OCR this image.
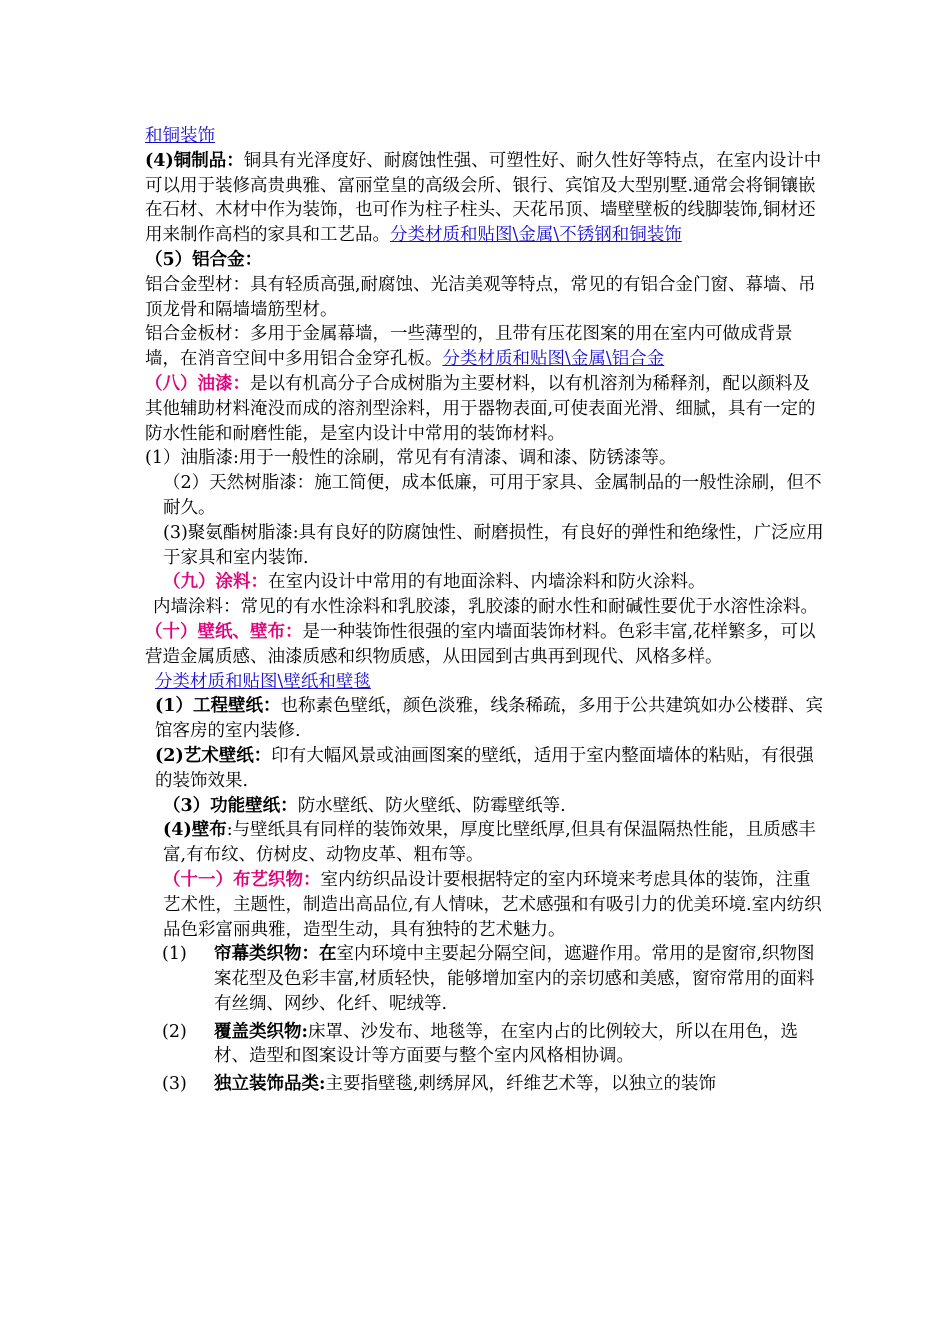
和铜装饰

(4)铜制品：铜具有光泽度好、耐腐蚀性强、可塑性好、耐久性好等特点，在室内设计中可以用于装修高贵典雅、富丽堂皇的高级会所、银行、宾馆及大型别墅.通常会将铜镶嵌在石材、木材中作为装饰，也可作为柱子柱头、天花吊顶、墙壁壁板的线脚装饰,铜材还用来制作高档的家具和工艺品。分类材质和贴图\金属\不锈钢和铜装饰

（5）铝合金：

铝合金型材：具有轻质高强,耐腐蚀、光洁美观等特点，常见的有铝合金门窗、幕墙、吊顶龙骨和隔墙墙筋型材。

铝合金板材：多用于金属幕墙，一些薄型的，且带有压花图案的用在室内可做成背景墙，在消音空间中多用铝合金穿孔板。分类材质和贴图\金属\铝合金

（八）油漆：是以有机高分子合成树脂为主要材料，以有机溶剂为稀释剂，配以颜料及其他辅助材料淹没而成的溶剂型涂料，用于器物表面,可使表面光滑、细腻，具有一定的防水性能和耐磨性能，是室内设计中常用的装饰材料。

(1）油脂漆:用于一般性的涂刷，常见有有清漆、调和漆、防锈漆等。

（2）天然树脂漆：施工简便，成本低廉，可用于家具、金属制品的一般性涂刷，但不耐久。

(3)聚氨酯树脂漆:具有良好的防腐蚀性、耐磨损性，有良好的弹性和绝缘性，广泛应用于家具和室内装饰.

（九）涂料：在室内设计中常用的有地面涂料、内墙涂料和防火涂料。

内墙涂料：常见的有水性涂料和乳胶漆，乳胶漆的耐水性和耐碱性要优于水溶性涂料。

（十）壁纸、壁布：是一种装饰性很强的室内墙面装饰材料。色彩丰富,花样繁多，可以营造金属质感、油漆质感和织物质感，从田园到古典再到现代、风格多样。

分类材质和贴图\壁纸和壁毯

(1）工程壁纸：也称素色壁纸，颜色淡雅，线条稀疏，多用于公共建筑如办公楼群、宾馆客房的室内装修.

(2)艺术壁纸：印有大幅风景或油画图案的壁纸，适用于室内整面墙体的粘贴，有很强的装饰效果.

（3）功能壁纸：防水壁纸、防火壁纸、防霉壁纸等.

(4)壁布:与壁纸具有同样的装饰效果，厚度比壁纸厚,但具有保温隔热性能，且质感丰富,有布纹、仿树皮、动物皮革、粗布等。

（十一）布艺织物：室内纺织品设计要根据特定的室内环境来考虑具体的装饰，注重艺术性，主题性，制造出高品位,有人情味，艺术感强和有吸引力的优美环境.室内纺织品色彩富丽典雅，造型生动，具有独特的艺术魅力。

(1) 帘幕类织物：在室内环境中主要起分隔空间，遮避作用。常用的是窗帘,织物图案花型及色彩丰富,材质轻快，能够增加室内的亲切感和美感，窗帘常用的面料有丝绸、网纱、化纤、呢绒等.
(2) 覆盖类织物:床罩、沙发布、地毯等，在室内占的比例较大，所以在用色，选材、造型和图案设计等方面要与整个室内风格相协调。
(3) 独立装饰品类:主要指壁毯,刺绣屏风，纤维艺术等，以独立的装饰
